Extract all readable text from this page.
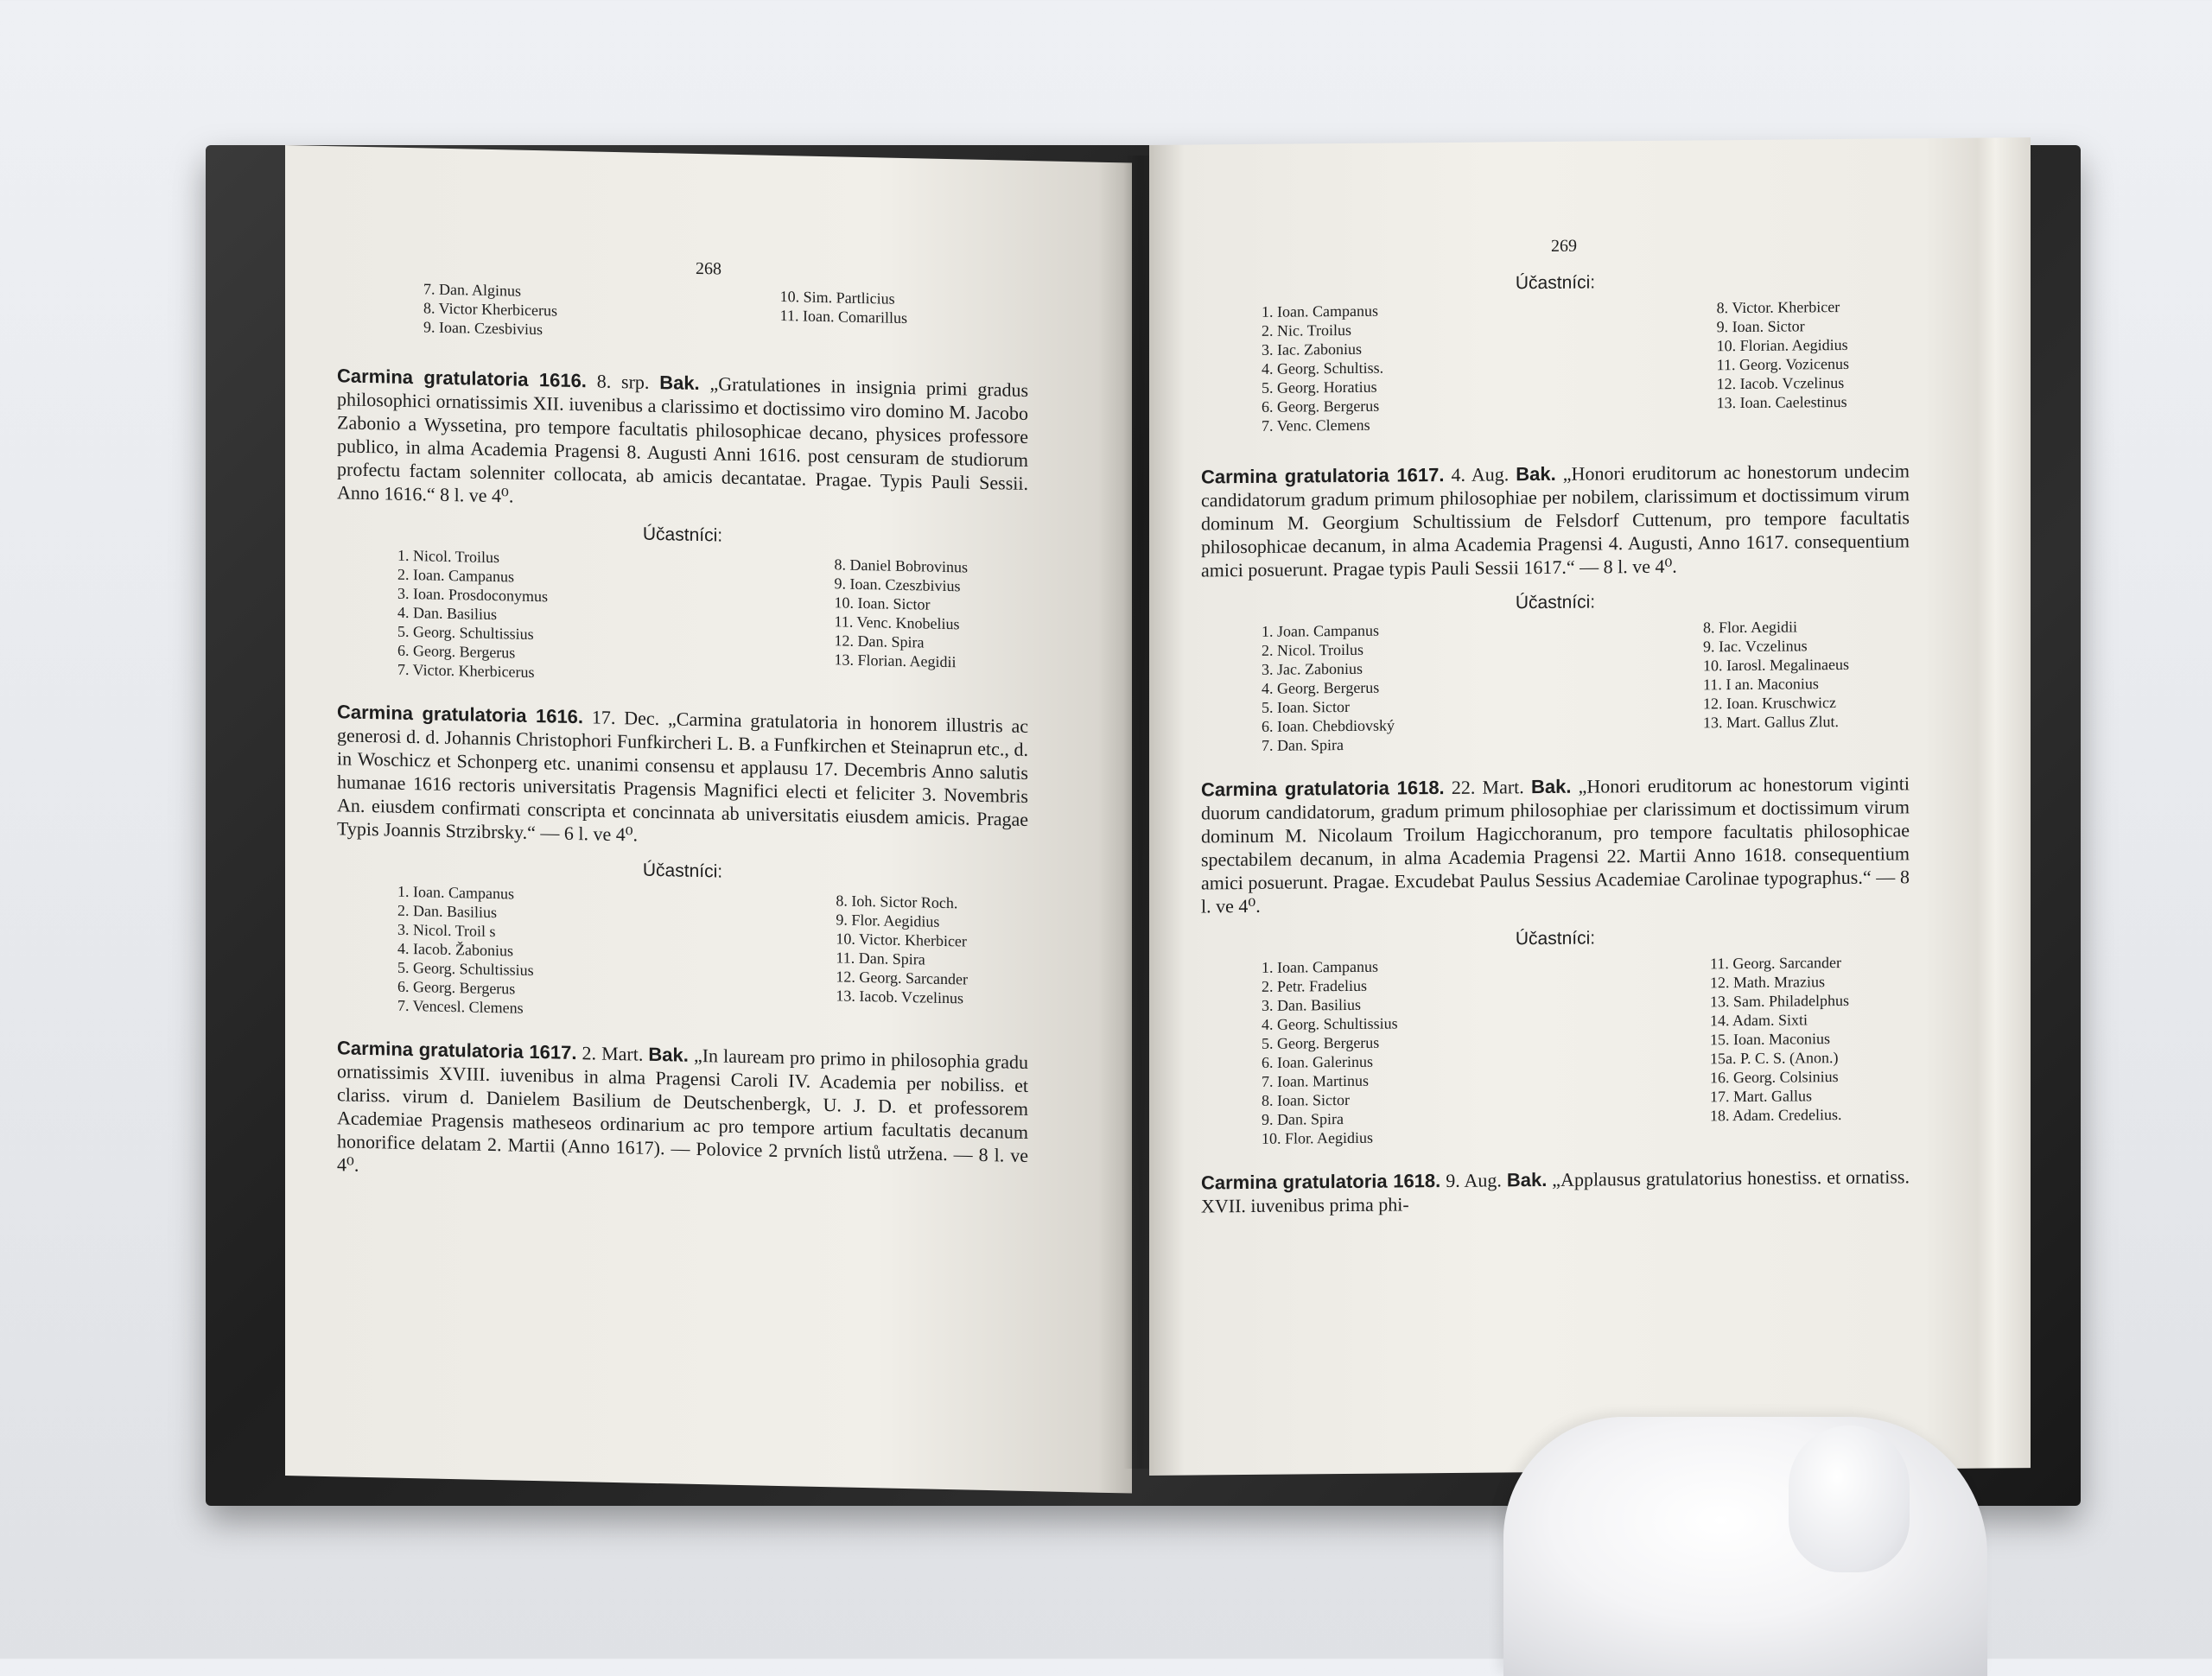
268
7. Dan. Alginus
8. Victor Kherbicerus
9. Ioan. Czesbivius
10. Sim. Partlicius
11. Ioan. Comarillus
Carmina gratulatoria 1616. 8. srp. Bak. „Gratulationes in insignia primi gradus philosophici ornatissimis XII. iuvenibus a clarissimo et doctissimo viro domino M. Jacobo Zabonio a Wyssetina, pro tempore facultatis philosophicae decano, physices professore publico, in alma Academia Pragensi 8. Augusti Anni 1616. post censuram de studiorum profectu factam solenniter collocata, ab amicis decantatae. Pragae. Typis Pauli Sessii. Anno 1616.“ 8 l. ve 4⁰.
Účastníci:
1. Nicol. Troilus
2. Ioan. Campanus
3. Ioan. Prosdoconymus
4. Dan. Basilius
5. Georg. Schultissius
6. Georg. Bergerus
7. Victor. Kherbicerus
8. Daniel Bobrovinus
9. Ioan. Czeszbivius
10. Ioan. Sictor
11. Venc. Knobelius
12. Dan. Spira
13. Florian. Aegidii
Carmina gratulatoria 1616. 17. Dec. „Carmina gratulatoria in honorem illustris ac generosi d. d. Johannis Christophori Funfkircheri L. B. a Funfkirchen et Steinaprun etc., d. in Woschicz et Schonperg etc. unanimi consensu et applausu 17. Decembris Anno salutis humanae 1616 rectoris universitatis Pragensis Magnifici electi et feliciter 3. Novembris An. eiusdem confirmati conscripta et concinnata ab universitatis eiusdem amicis. Pragae Typis Joannis Strzibrsky.“ — 6 l. ve 4⁰.
Účastníci:
1. Ioan. Campanus
2. Dan. Basilius
3. Nicol. Troil s
4. Iacob. Žabonius
5. Georg. Schultissius
6. Georg. Bergerus
7. Vencesl. Clemens
8. Ioh. Sictor Roch.
9. Flor. Aegidius
10. Victor. Kherbicer
11. Dan. Spira
12. Georg. Sarcander
13. Iacob. Vczelinus
Carmina gratulatoria 1617. 2. Mart. Bak. „In lauream pro primo in philosophia gradu ornatissimis XVIII. iuvenibus in alma Pragensi Caroli IV. Academia per nobiliss. et clariss. virum d. Danielem Basilium de Deutschenbergk, U. J. D. et professorem Academiae Pragensis matheseos ordinarium ac pro tempore artium facultatis decanum honorifice delatam 2. Martii (Anno 1617). — Polovice 2 prvních listů utržena. — 8 l. ve 4⁰.
269
Účastníci:
1. Ioan. Campanus
2. Nic. Troilus
3. Iac. Zabonius
4. Georg. Schultiss.
5. Georg. Horatius
6. Georg. Bergerus
7. Venc. Clemens
8. Victor. Kherbicer
9. Ioan. Sictor
10. Florian. Aegidius
11. Georg. Vozicenus
12. Iacob. Vczelinus
13. Ioan. Caelestinus
Carmina gratulatoria 1617. 4. Aug. Bak. „Honori eruditorum ac honestorum undecim candidatorum gradum primum philosophiae per nobilem, clarissimum et doctissimum virum dominum M. Georgium Schultissium de Felsdorf Cuttenum, pro tempore facultatis philosophicae decanum, in alma Academia Pragensi 4. Augusti, Anno 1617. consequentium amici posuerunt. Pragae typis Pauli Sessii 1617.“ — 8 l. ve 4⁰.
Účastníci:
1. Joan. Campanus
2. Nicol. Troilus
3. Jac. Zabonius
4. Georg. Bergerus
5. Ioan. Sictor
6. Ioan. Chebdiovský
7. Dan. Spira
8. Flor. Aegidii
9. Iac. Vczelinus
10. Iarosl. Megalinaeus
11. I an. Maconius
12. Ioan. Kruschwicz
13. Mart. Gallus Zlut.
Carmina gratulatoria 1618. 22. Mart. Bak. „Honori eruditorum ac honestorum viginti duorum candidatorum, gradum primum philosophiae per clarissimum et doctissimum virum dominum M. Nicolaum Troilum Hagicchoranum, pro tempore facultatis philosophicae spectabilem decanum, in alma Academia Pragensi 22. Martii Anno 1618. consequentium amici posuerunt. Pragae. Excudebat Paulus Sessius Academiae Carolinae typographus.“ — 8 l. ve 4⁰.
Účastníci:
1. Ioan. Campanus
2. Petr. Fradelius
3. Dan. Basilius
4. Georg. Schultissius
5. Georg. Bergerus
6. Ioan. Galerinus
7. Ioan. Martinus
8. Ioan. Sictor
9. Dan. Spira
10. Flor. Aegidius
11. Georg. Sarcander
12. Math. Mrazius
13. Sam. Philadelphus
14. Adam. Sixti
15. Ioan. Maconius
15a. P. C. S. (Anon.)
16. Georg. Colsinius
17. Mart. Gallus
18. Adam. Credelius.
Carmina gratulatoria 1618. 9. Aug. Bak. „Applausus gratulatorius honestiss. et ornatiss. XVII. iuvenibus prima phi-
